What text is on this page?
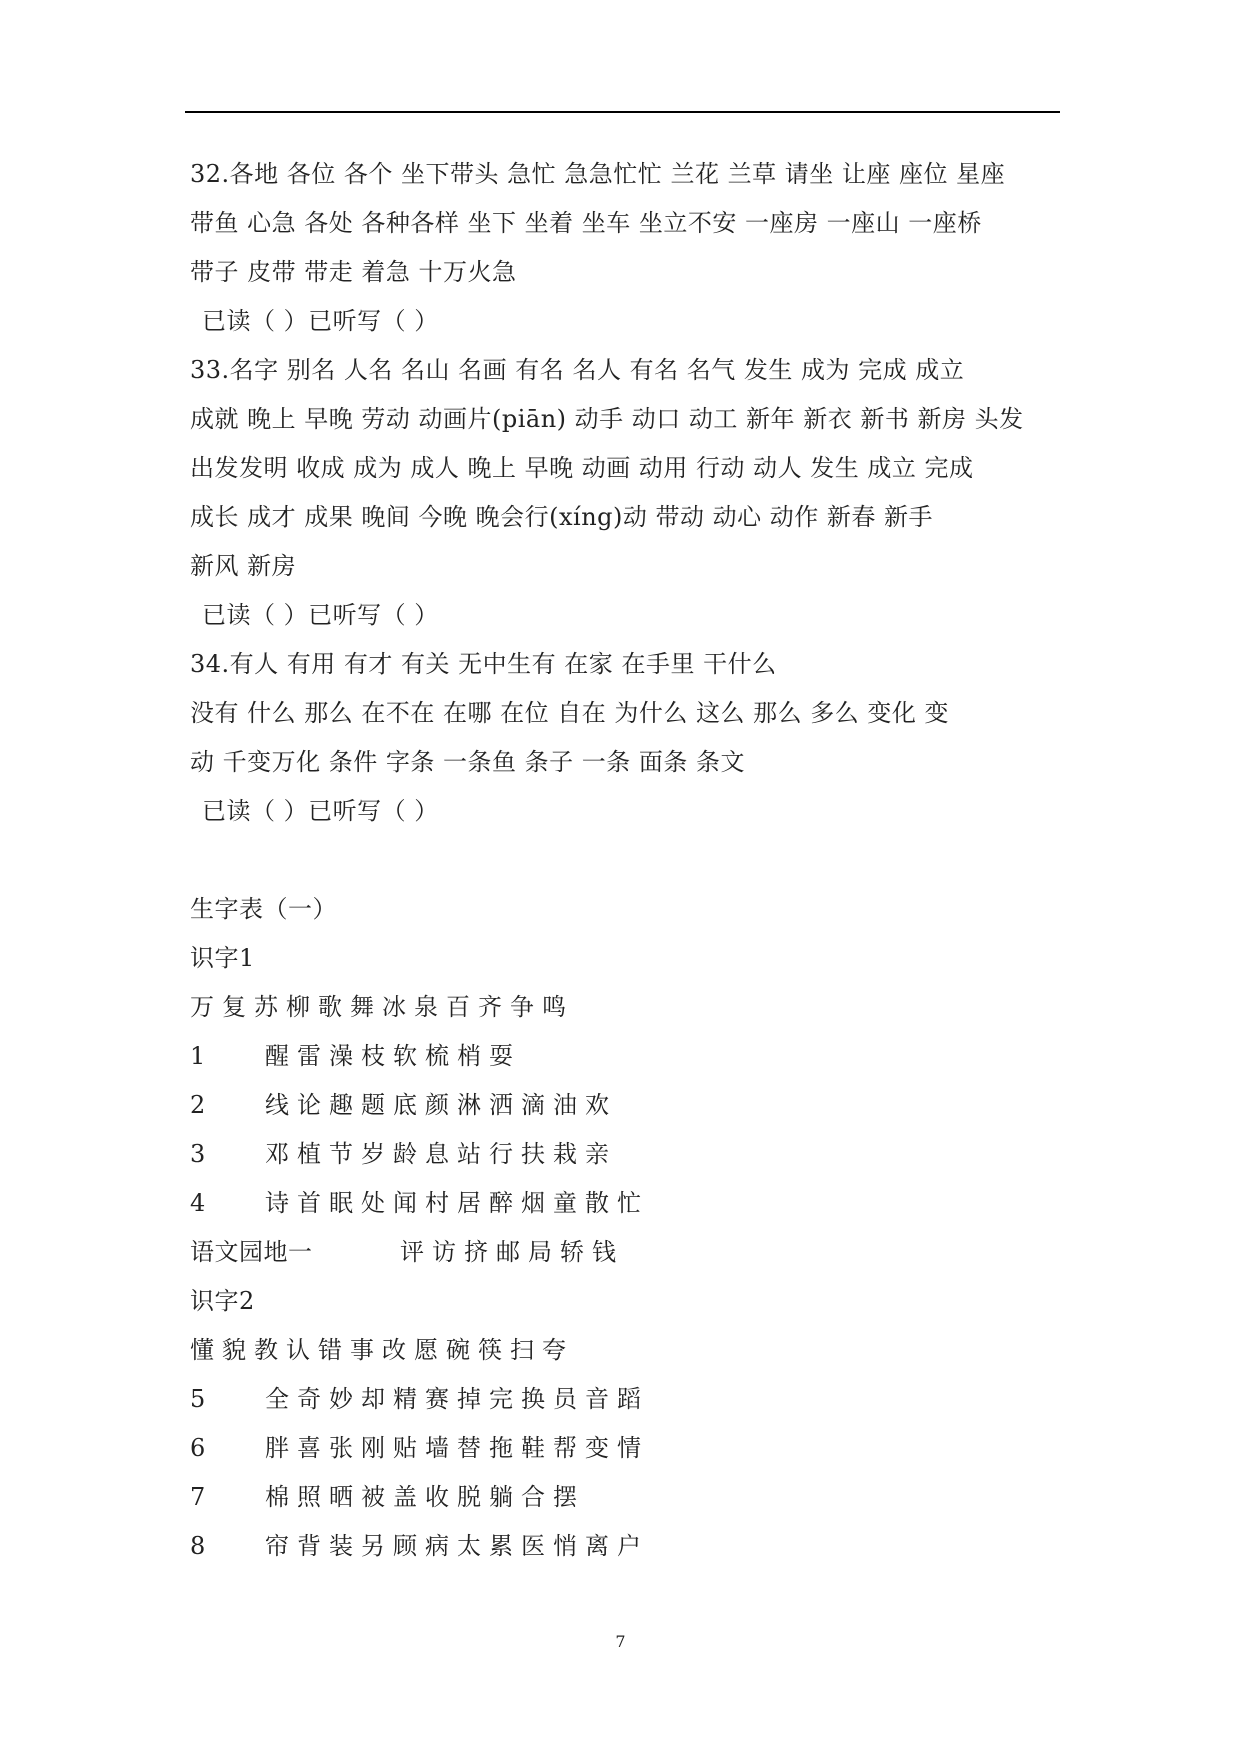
32.各地 各位 各个 坐下带头 急忙 急急忙忙 兰花 兰草 请坐 让座 座位 星座
带鱼 心急 各处 各种各样 坐下 坐着 坐车 坐立不安 一座房 一座山 一座桥
带子 皮带 带走 着急 十万火急
已读（ ）已听写（ ）
33.名字 别名 人名 名山 名画 有名 名人 有名 名气 发生 成为 完成 成立
成就 晚上 早晚 劳动 动画片(piān) 动手 动口 动工 新年 新衣 新书 新房 头发
出发发明 收成 成为 成人 晚上 早晚 动画 动用 行动 动人 发生 成立 完成
成长 成才 成果 晚间 今晚 晚会行(xíng)动 带动 动心 动作 新春 新手
新风 新房
已读（ ）已听写（ ）
34.有人 有用 有才 有关 无中生有 在家 在手里 干什么
没有 什么 那么 在不在 在哪 在位 自在 为什么 这么 那么 多么 变化 变
动 千变万化 条件 字条 一条鱼 条子 一条 面条 条文
已读（ ）已听写（ ）
生字表（一）
识字1
万复苏柳歌舞冰泉百齐争鸣
1	醒雷澡枝软梳梢耍
2	线论趣题底颜淋洒滴油欢
3	邓植节岁龄息站行扶栽亲
4	诗首眠处闻村居醉烟童散忙
语文园地一	评访挤邮局轿钱
识字2
懂貌教认错事改愿碗筷扫夸
5	全奇妙却精赛掉完换员音蹈
6	胖喜张刚贴墙替拖鞋帮变情
7	棉照晒被盖收脱躺合摆
8	帘背装另顾病太累医悄离户
7
